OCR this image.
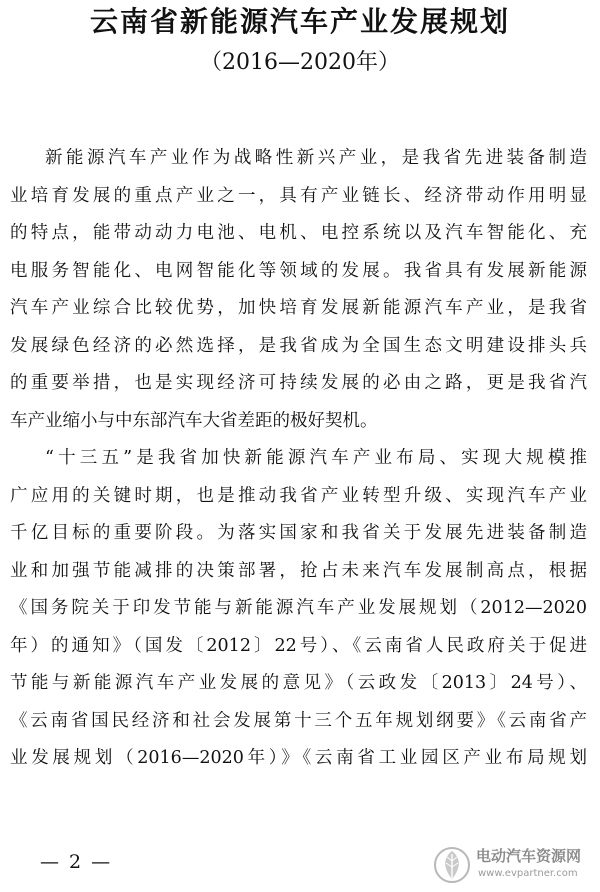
云南省新能源汽车产业发展规划
（2016—2020年）
新能源汽车产业作为战略性新兴产业，是我省先进装备制造
业培育发展的重点产业之一，具有产业链长、经济带动作用明显
的特点，能带动动力电池、电机、电控系统以及汽车智能化、充
电服务智能化、电网智能化等领域的发展。我省具有发展新能源
汽车产业综合比较优势，加快培育发展新能源汽车产业，是我省
发展绿色经济的必然选择，是我省成为全国生态文明建设排头兵
的重要举措，也是实现经济可持续发展的必由之路，更是我省汽
车产业缩小与中东部汽车大省差距的极好契机。
“十三五”是我省加快新能源汽车产业布局、实现大规模推
广应用的关键时期，也是推动我省产业转型升级、实现汽车产业
千亿目标的重要阶段。为落实国家和我省关于发展先进装备制造
业和加强节能减排的决策部署，抢占未来汽车发展制高点，根据
《国务院关于印发节能与新能源汽车产业发展规划（2012—2020
年）的通知》（国发〔2012〕22号）、《云南省人民政府关于促进
节能与新能源汽车产业发展的意见》（云政发〔2013〕24号）、
《云南省国民经济和社会发展第十三个五年规划纲要》《云南省产
业发展规划（2016—2020年）》《云南省工业园区产业布局规划
— 2 —	电动汽车资源网
www.evpartner.com
